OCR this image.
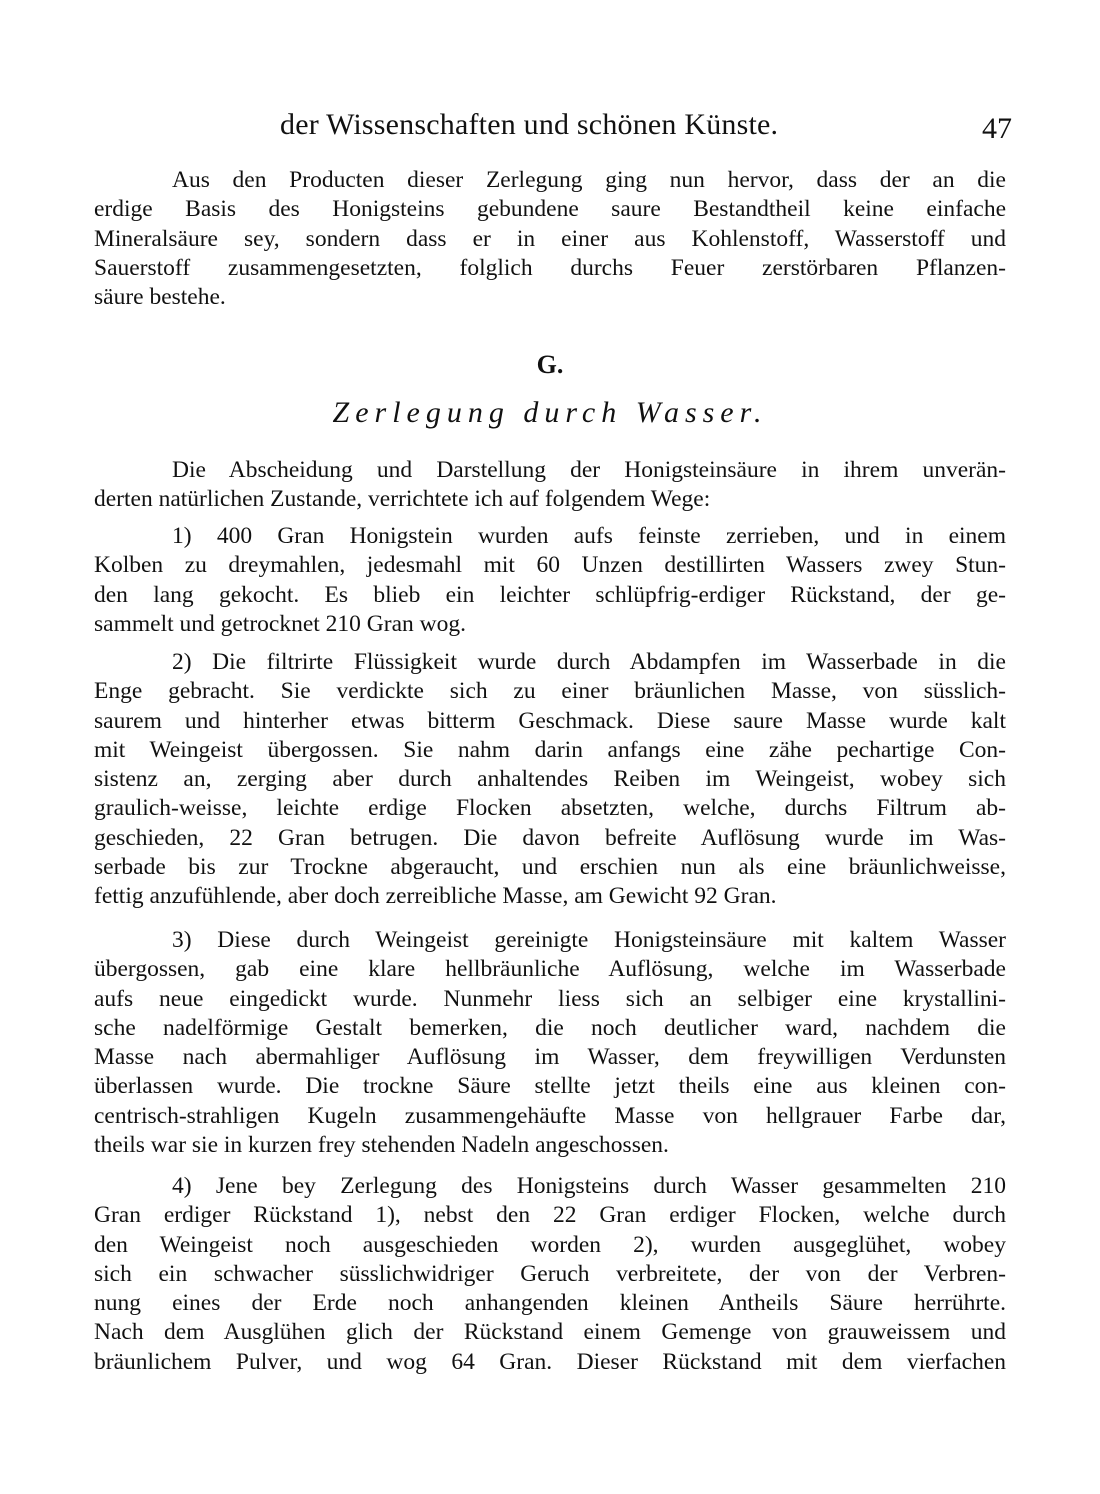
der Wissenschaften und schönen Künste.	47

Aus den Producten dieser Zerlegung ging nun hervor, dass der an die
erdige Basis des Honigsteins gebundene saure Bestandtheil keine einfache
Mineralsäure sey, sondern dass er in einer aus Kohlenstoff, Wasserstoff und
Sauerstoff zusammengesetzten, folglich durchs Feuer zerstörbaren Pflanzen-
säure bestehe.

G.
Zerlegung durch Wasser.

Die Abscheidung und Darstellung der Honigsteinsäure in ihrem unverän-
derten natürlichen Zustande, verrichtete ich auf folgendem Wege:

1) 400 Gran Honigstein wurden aufs feinste zerrieben, und in einem
Kolben zu dreymahlen, jedesmahl mit 60 Unzen destillirten Wassers zwey Stun-
den lang gekocht. Es blieb ein leichter schlüpfrig-erdiger Rückstand, der ge-
sammelt und getrocknet 210 Gran wog.

2) Die filtrirte Flüssigkeit wurde durch Abdampfen im Wasserbade in die
Enge gebracht. Sie verdickte sich zu einer bräunlichen Masse, von süsslich-
saurem und hinterher etwas bitterm Geschmack. Diese saure Masse wurde kalt
mit Weingeist übergossen. Sie nahm darin anfangs eine zähe pechartige Con-
sistenz an, zerging aber durch anhaltendes Reiben im Weingeist, wobey sich
graulich-weisse, leichte erdige Flocken absetzten, welche, durchs Filtrum ab-
geschieden, 22 Gran betrugen. Die davon befreite Auflösung wurde im Was-
serbade bis zur Trockne abgeraucht, und erschien nun als eine bräunlichweisse,
fettig anzufühlende, aber doch zerreibliche Masse, am Gewicht 92 Gran.

3) Diese durch Weingeist gereinigte Honigsteinsäure mit kaltem Wasser
übergossen, gab eine klare hellbräunliche Auflösung, welche im Wasserbade
aufs neue eingedickt wurde. Nunmehr liess sich an selbiger eine krystallini-
sche nadelförmige Gestalt bemerken, die noch deutlicher ward, nachdem die
Masse nach abermahliger Auflösung im Wasser, dem freywilligen Verdunsten
überlassen wurde. Die trockne Säure stellte jetzt theils eine aus kleinen con-
centrisch-strahligen Kugeln zusammengehäufte Masse von hellgrauer Farbe dar,
theils war sie in kurzen frey stehenden Nadeln angeschossen.

4) Jene bey Zerlegung des Honigsteins durch Wasser gesammelten 210
Gran erdiger Rückstand 1), nebst den 22 Gran erdiger Flocken, welche durch
den Weingeist noch ausgeschieden worden 2), wurden ausgeglühet, wobey
sich ein schwacher süsslichwidriger Geruch verbreitete, der von der Verbren-
nung eines der Erde noch anhangenden kleinen Antheils Säure herrührte.
Nach dem Ausglühen glich der Rückstand einem Gemenge von grauweissem und
bräunlichem Pulver, und wog 64 Gran. Dieser Rückstand mit dem vierfachen
